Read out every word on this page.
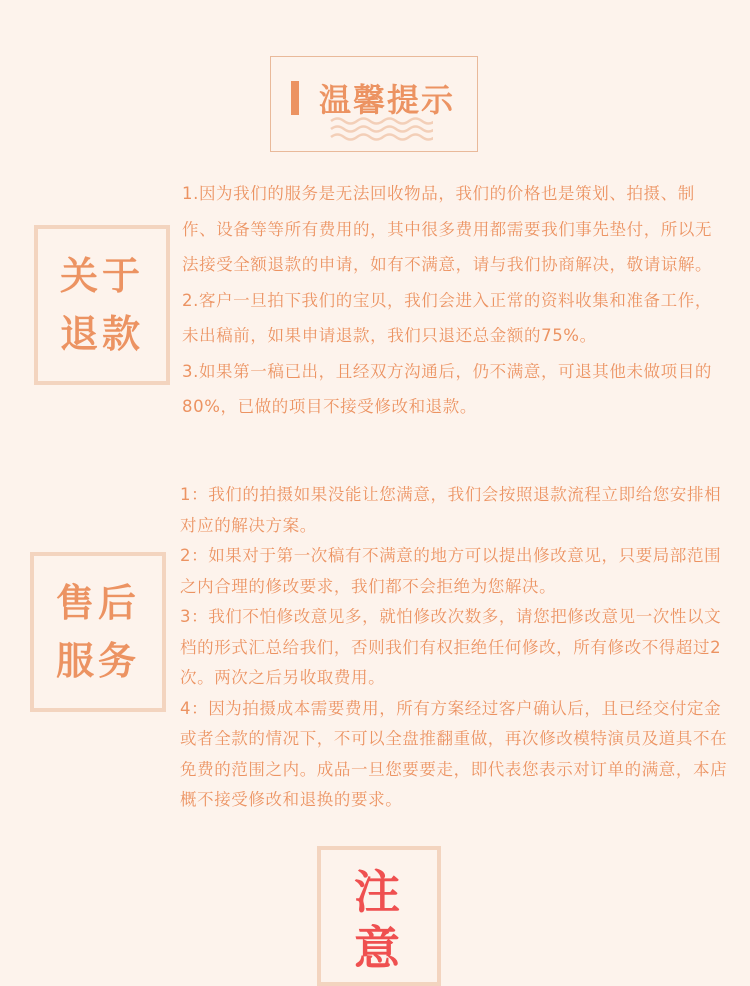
温馨提示
关于
退款

1.因为我们的服务是无法回收物品，我们的价格也是策划、拍摄、制作、设备等等所有费用的，其中很多费用都需要我们事先垫付，所以无法接受全额退款的申请，如有不满意，请与我们协商解决，敬请谅解。

2.客户一旦拍下我们的宝贝，我们会进入正常的资料收集和准备工作，未出稿前，如果申请退款，我们只退还总金额的75%。

3.如果第一稿已出，且经双方沟通后，仍不满意，可退其他未做项目的80%，已做的项目不接受修改和退款。

售后
服务

1：我们的拍摄如果没能让您满意，我们会按照退款流程立即给您安排相对应的解决方案。

2：如果对于第一次稿有不满意的地方可以提出修改意见，只要局部范围之内合理的修改要求，我们都不会拒绝为您解决。

3：我们不怕修改意见多，就怕修改次数多，请您把修改意见一次性以文档的形式汇总给我们，否则我们有权拒绝任何修改，所有修改不得超过2次。两次之后另收取费用。

4：因为拍摄成本需要费用，所有方案经过客户确认后，且已经交付定金或者全款的情况下，不可以全盘推翻重做，再次修改模特演员及道具不在免费的范围之内。成品一旦您要要走，即代表您表示对订单的满意，本店概不接受修改和退换的要求。

注
意
